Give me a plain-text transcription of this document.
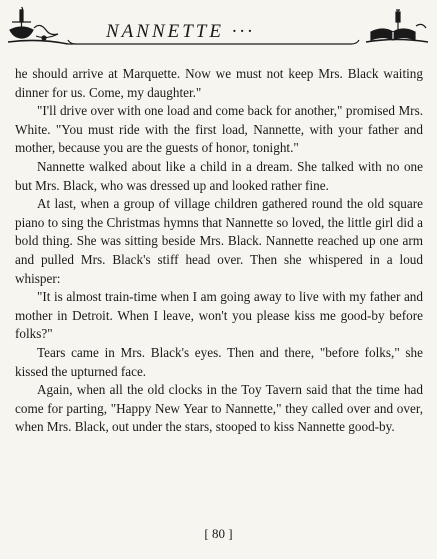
NANNETTE ···

he should arrive at Marquette. Now we must not keep Mrs. Black waiting dinner for us. Come, my daughter."

"I'll drive over with one load and come back for another," promised Mrs. White. "You must ride with the first load, Nannette, with your father and mother, because you are the guests of honor, tonight."

Nannette walked about like a child in a dream. She talked with no one but Mrs. Black, who was dressed up and looked rather fine.

At last, when a group of village children gathered round the old square piano to sing the Christmas hymns that Nannette so loved, the little girl did a bold thing. She was sitting beside Mrs. Black. Nannette reached up one arm and pulled Mrs. Black's stiff head over. Then she whispered in a loud whisper:

"It is almost train-time when I am going away to live with my father and mother in Detroit. When I leave, won't you please kiss me good-by before folks?"

Tears came in Mrs. Black's eyes. Then and there, "before folks," she kissed the upturned face.

Again, when all the old clocks in the Toy Tavern said that the time had come for parting, "Happy New Year to Nannette," they called over and over, when Mrs. Black, out under the stars, stooped to kiss Nannette good-by.

[ 80 ]
